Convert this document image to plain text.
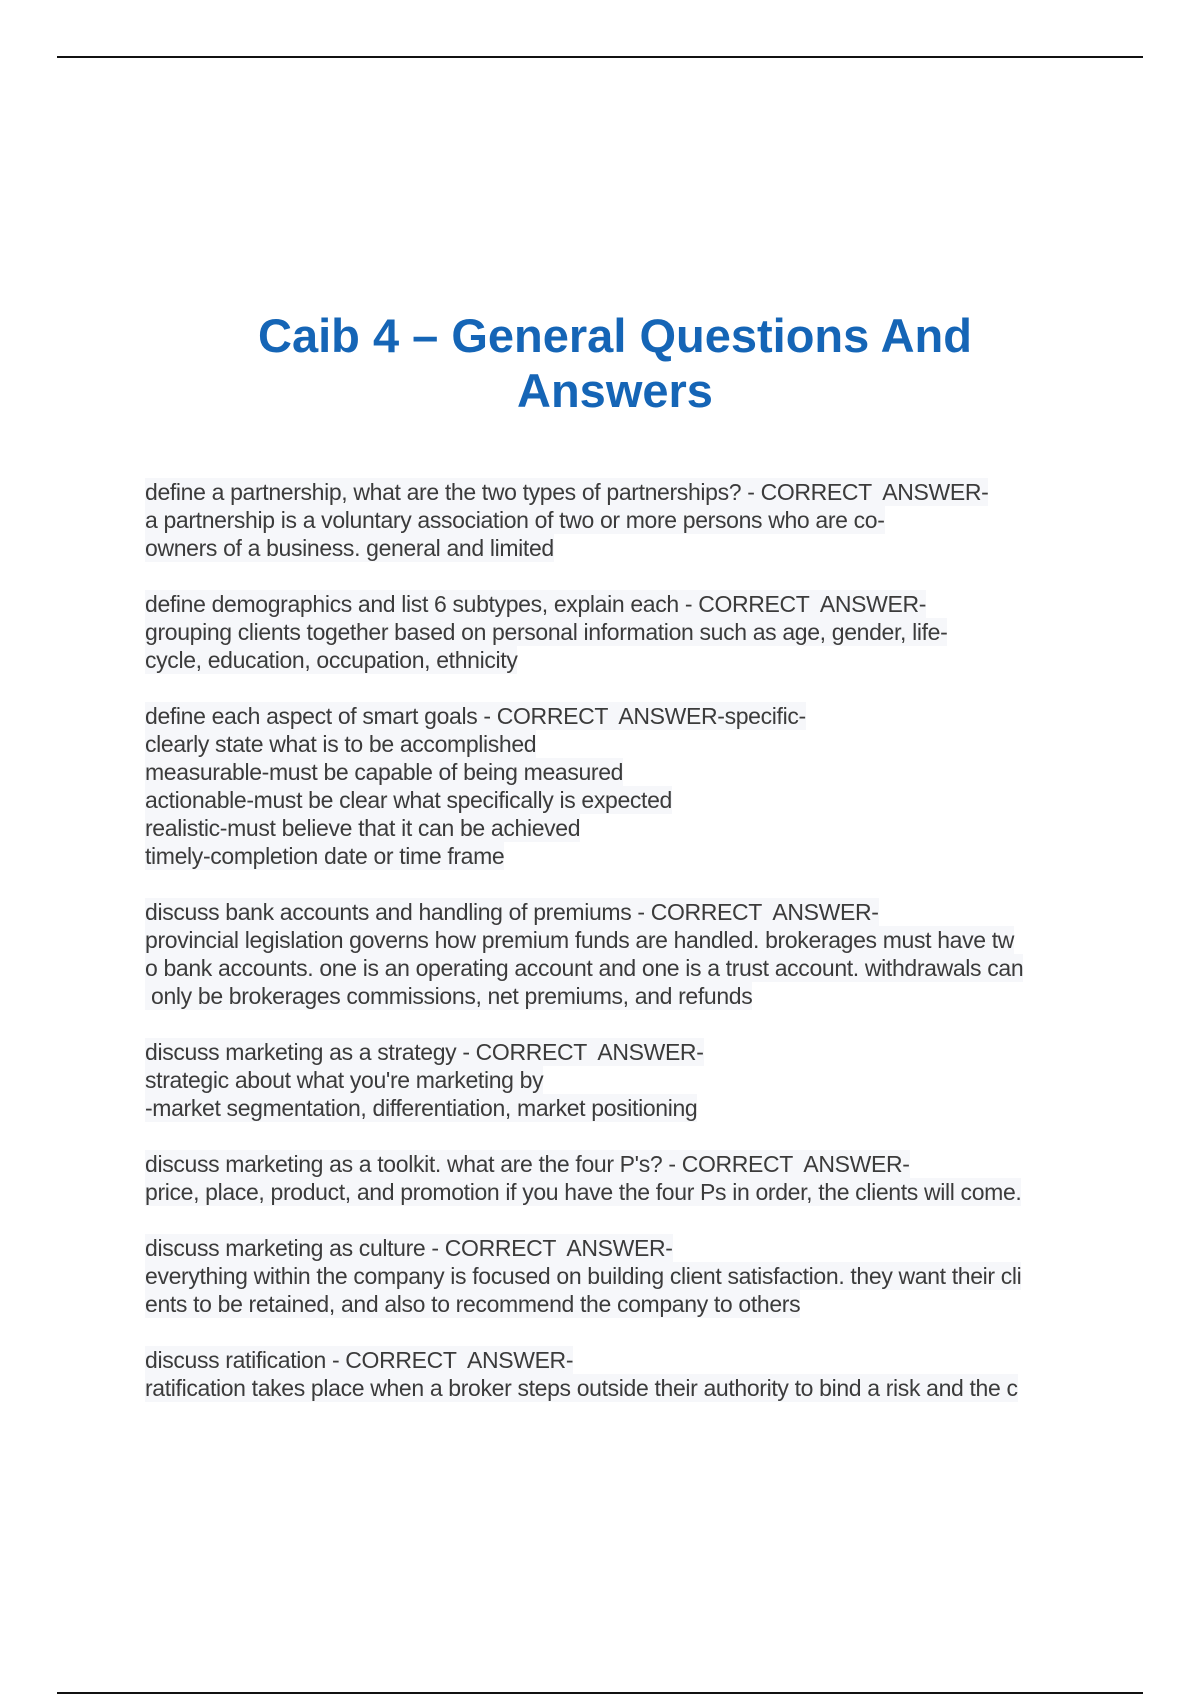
Caib 4 – General Questions And
Answers
define a partnership, what are the two types of partnerships? - CORRECT  ANSWER-
a partnership is a voluntary association of two or more persons who are co-
owners of a business. general and limited
define demographics and list 6 subtypes, explain each - CORRECT  ANSWER-
grouping clients together based on personal information such as age, gender, life-
cycle, education, occupation, ethnicity
define each aspect of smart goals - CORRECT  ANSWER-specific-
clearly state what is to be accomplished
measurable-must be capable of being measured
actionable-must be clear what specifically is expected
realistic-must believe that it can be achieved
timely-completion date or time frame
discuss bank accounts and handling of premiums - CORRECT  ANSWER-
provincial legislation governs how premium funds are handled. brokerages must have tw
o bank accounts. one is an operating account and one is a trust account. withdrawals can
only be brokerages commissions, net premiums, and refunds
discuss marketing as a strategy - CORRECT  ANSWER-
strategic about what you're marketing by
-market segmentation, differentiation, market positioning
discuss marketing as a toolkit. what are the four P's? - CORRECT  ANSWER-
price, place, product, and promotion if you have the four Ps in order, the clients will come.
discuss marketing as culture - CORRECT  ANSWER-
everything within the company is focused on building client satisfaction. they want their cli
ents to be retained, and also to recommend the company to others
discuss ratification - CORRECT  ANSWER-
ratification takes place when a broker steps outside their authority to bind a risk and the c
